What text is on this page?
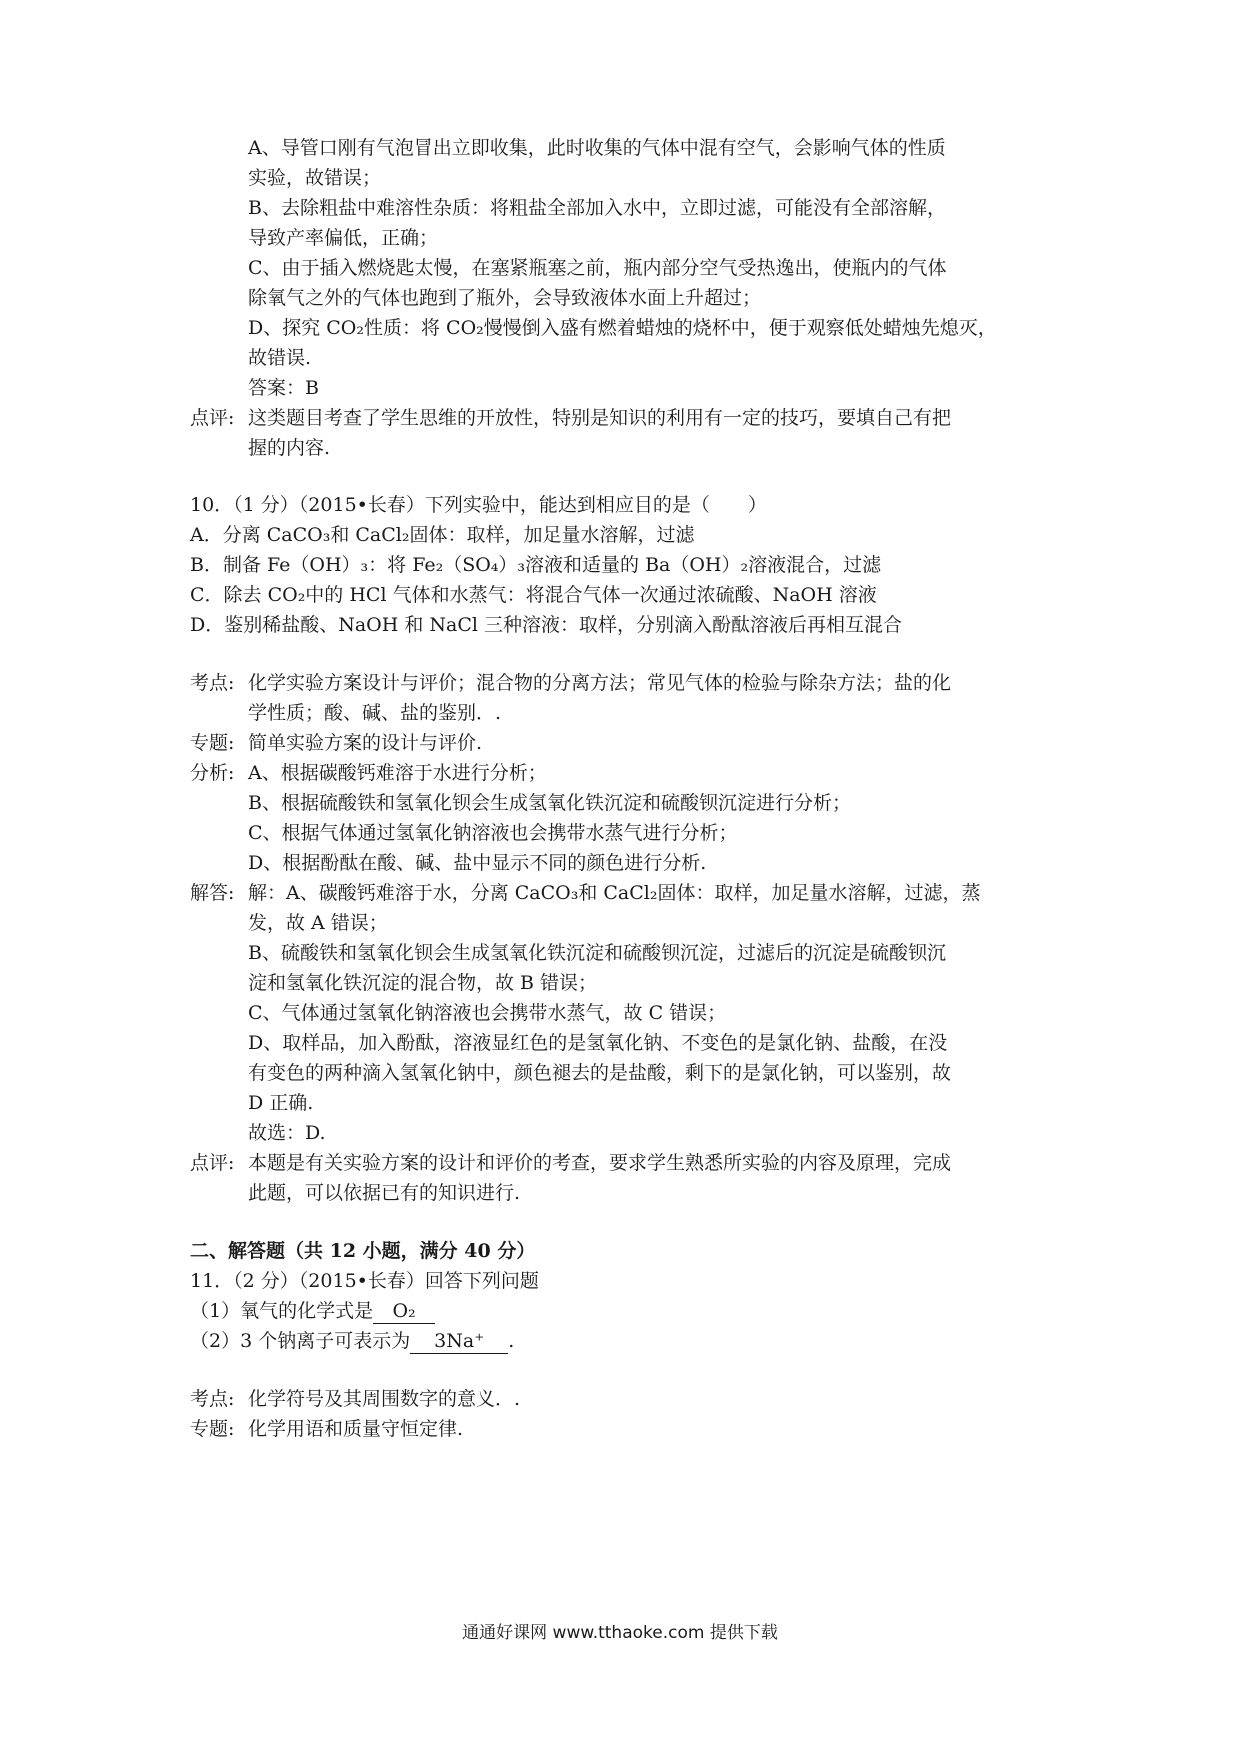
A、导管口刚有气泡冒出立即收集，此时收集的气体中混有空气，会影响气体的性质
实验，故错误；
B、去除粗盐中难溶性杂质：将粗盐全部加入水中，立即过滤，可能没有全部溶解，
导致产率偏低，正确；
C、由于插入燃烧匙太慢，在塞紧瓶塞之前，瓶内部分空气受热逸出，使瓶内的气体
除氧气之外的气体也跑到了瓶外，会导致液体水面上升超过；
D、探究 CO₂性质：将 CO₂慢慢倒入盛有燃着蜡烛的烧杯中，便于观察低处蜡烛先熄灭，
故错误.
答案：B
点评: 这类题目考查了学生思维的开放性，特别是知识的利用有一定的技巧，要填自己有把
握的内容.
10．（1 分）（2015•长春）下列实验中，能达到相应目的是（　　）
A．分离 CaCO₃和 CaCl₂固体：取样，加足量水溶解，过滤
B．制备 Fe（OH）₃：将 Fe₂（SO₄）₃溶液和适量的 Ba（OH）₂溶液混合，过滤
C．除去 CO₂中的 HCl 气体和水蒸气：将混合气体一次通过浓硫酸、NaOH 溶液
D．鉴别稀盐酸、NaOH 和 NaCl 三种溶液：取样，分别滴入酚酞溶液后再相互混合
考点: 化学实验方案设计与评价；混合物的分离方法；常见气体的检验与除杂方法；盐的化
学性质；酸、碱、盐的鉴别．.
专题: 简单实验方案的设计与评价.
分析: A、根据碳酸钙难溶于水进行分析；
B、根据硫酸铁和氢氧化钡会生成氢氧化铁沉淀和硫酸钡沉淀进行分析；
C、根据气体通过氢氧化钠溶液也会携带水蒸气进行分析；
D、根据酚酞在酸、碱、盐中显示不同的颜色进行分析.
解答: 解：A、碳酸钙难溶于水，分离 CaCO₃和 CaCl₂固体：取样，加足量水溶解，过滤，蒸
发，故 A 错误；
B、硫酸铁和氢氧化钡会生成氢氧化铁沉淀和硫酸钡沉淀，过滤后的沉淀是硫酸钡沉
淀和氢氧化铁沉淀的混合物，故 B 错误；
C、气体通过氢氧化钠溶液也会携带水蒸气，故 C 错误；
D、取样品，加入酚酞，溶液显红色的是氢氧化钠、不变色的是氯化钠、盐酸，在没
有变色的两种滴入氢氧化钠中，颜色褪去的是盐酸，剩下的是氯化钠，可以鉴别，故
D 正确.
故选：D.
点评: 本题是有关实验方案的设计和评价的考查，要求学生熟悉所实验的内容及原理，完成
此题，可以依据已有的知识进行.
二、解答题（共 12 小题，满分 40 分）
11．（2 分）（2015•长春）回答下列问题
（1）氧气的化学式是 O₂
（2）3 个钠离子可表示为 3Na⁺ .
考点: 化学符号及其周围数字的意义．.
专题: 化学用语和质量守恒定律.
通通好课网 www.tthaoke.com 提供下载
